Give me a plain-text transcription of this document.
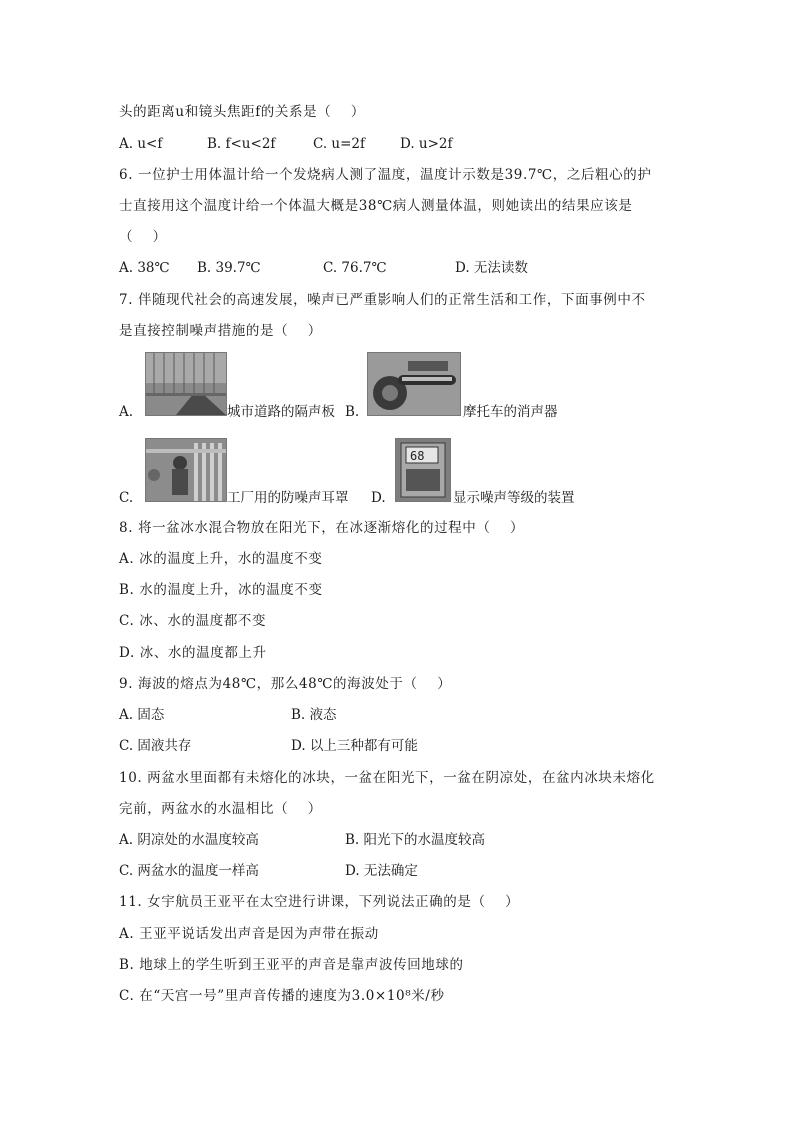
头的距离u和镜头焦距f的关系是（    ）

A. u<f

	B. f<u<2f

	C. u=2f

	D. u>2f

6. 一位护士用体温计给一个发烧病人测了温度，温度计示数是39.7℃，之后粗心的护
士直接用这个温度计给一个体温大概是38℃病人测量体温，则她读出的结果应该是
（    ）

A. 38℃

B. 39.7℃

	C. 76.7℃

	D. 无法读数

7. 伴随现代社会的高速发展，噪声已严重影响人们的正常生活和工作，下面事例中不
是直接控制噪声措施的是（    ）
A.	城市道路的隔声板 B.	摩托车的消声器
C.	工厂用的防噪声耳罩 D.
68
显示噪声等级的装置
8. 将一盆冰水混合物放在阳光下，在冰逐渐熔化的过程中（    ）
A. 冰的温度上升，水的温度不变
B. 水的温度上升，冰的温度不变
C. 冰、水的温度都不变
D. 冰、水的温度都上升
9. 海波的熔点为48℃，那么48℃的海波处于（    ）

A. 固态

	B. 液态

C. 固液共存

	D. 以上三种都有可能

10. 两盆水里面都有未熔化的冰块，一盆在阳光下，一盆在阴凉处，在盆内冰块未熔化
完前，两盆水的水温相比（    ）

A. 阴凉处的水温度较高

	B. 阳光下的水温度较高

C. 两盆水的温度一样高

	D. 无法确定

11. 女宇航员王亚平在太空进行讲课，下列说法正确的是（    ）
A. 王亚平说话发出声音是因为声带在振动
B. 地球上的学生听到王亚平的声音是靠声波传回地球的
C. 在“天宫一号”里声音传播的速度为3.0×10⁸米/秒
